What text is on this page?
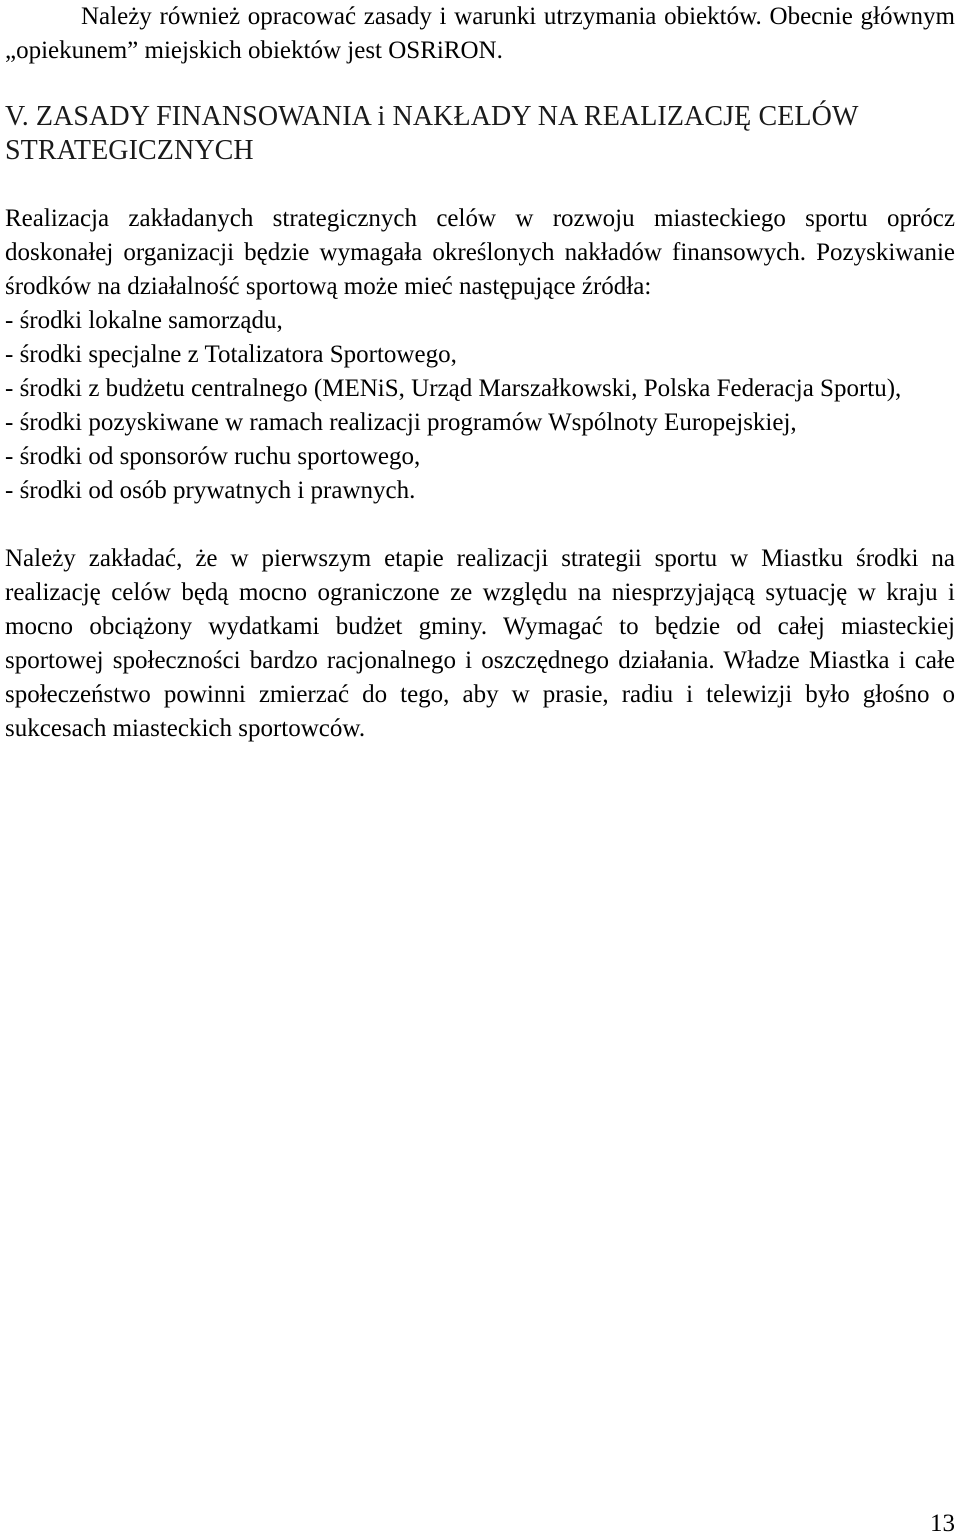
Należy również opracować zasady i warunki utrzymania obiektów. Obecnie głównym „opiekunem” miejskich obiektów jest OSRiRON.

V. ZASADY FINANSOWANIA i NAKŁADY NA REALIZACJĘ CELÓW STRATEGICZNYCH

Realizacja zakładanych strategicznych celów w rozwoju miasteckiego sportu oprócz doskonałej organizacji będzie wymagała określonych nakładów finansowych. Pozyskiwanie środków na działalność sportową może mieć następujące źródła:

- środki lokalne samorządu,
- środki specjalne z Totalizatora Sportowego,
- środki z budżetu centralnego (MENiS, Urząd Marszałkowski, Polska Federacja Sportu),
- środki pozyskiwane w ramach realizacji programów Wspólnoty Europejskiej,
- środki od sponsorów ruchu sportowego,
- środki od osób prywatnych i prawnych.

Należy zakładać, że w pierwszym etapie realizacji strategii sportu w Miastku środki na realizację celów będą mocno ograniczone ze względu na niesprzyjającą sytuację w kraju i mocno obciążony wydatkami budżet gminy. Wymagać to będzie od całej miasteckiej sportowej społeczności bardzo racjonalnego i oszczędnego działania. Władze Miastka i całe społeczeństwo powinni zmierzać do tego, aby w prasie, radiu i telewizji było głośno o sukcesach miasteckich sportowców.

13
